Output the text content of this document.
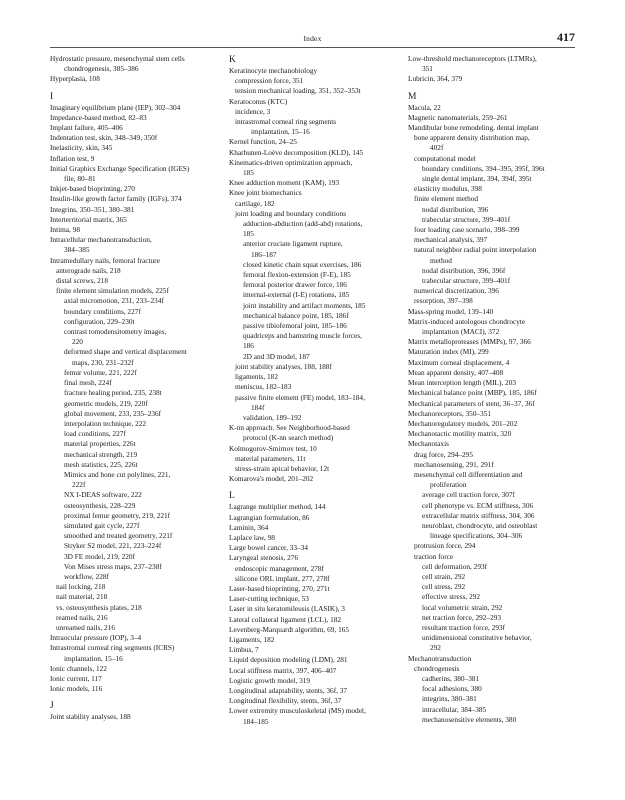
Index	417
Hydrostatic pressure, mesenchymal stem cells
chondrogenesis, 385–386
Hyperplasia, 108
I
Imaginary equilibrium plane (IEP), 302–304
Impedance-based method, 82–83
Implant failure, 405–406
Indentation test, skin, 348–349, 350f
Inelasticity, skin, 345
Inflation test, 9
Initial Graphics Exchange Specification (IGES)
file, 80–81
Inkjet-based bioprinting, 270
Insulin-like growth factor family (IGFs), 374
Integrins, 350–351, 380–381
Interterritorial matrix, 365
Intima, 98
Intracellular mechanotransduction,
384–385
Intramedullary nails, femoral fracture
anterograde nails, 218
distal screws, 218
finite element simulation models, 225f
axial micromotion, 231, 233–234f
boundary conditions, 227f
configuration, 229–230t
contrast tomodensitometry images,
220
deformed shape and vertical displacement
maps, 230, 231–232f
femur volume, 221, 222f
final mesh, 224f
fracture healing period, 235, 238t
geometric models, 219, 220f
global movement, 233, 235–236f
interpolation technique, 222
load conditions, 227f
material properties, 226t
mechanical strength, 219
mesh statistics, 225, 226t
Mimics and bone cut polylines, 221,
222f
NX I-DEAS software, 222
osteosynthesis, 228–229
proximal femur geometry, 219, 221f
simulated gait cycle, 227f
smoothed and treated geometry, 221f
Stryker S2 model, 221, 223–224f
3D FE model, 219, 220f
Von Mises stress maps, 237–238f
workflow, 228f
nail locking, 218
nail material, 218
vs. osteosynthesis plates, 218
reamed nails, 216
unreamed nails, 216
Intraocular pressure (IOP), 3–4
Intrastromal corneal ring segments (ICRS)
implantation, 15–16
Ionic channels, 122
Ionic current, 117
Ionic models, 116
J
Joint stability analyses, 188
K
Keratinocyte mechanobiology
compression force, 351
tension mechanical loading, 351, 352–353t
Keratoconus (KTC)
incidence, 3
intrastromal corneal ring segments
implantation, 15–16
Kernel function, 24–25
Kharhunen-Loève decomposition (KLD), 145
Kinematics-driven optimization approach,
185
Knee adduction moment (KAM), 193
Knee joint biomechanics
cartilage, 182
joint loading and boundary conditions
adduction-abduction (add-abd) rotations,
185
anterior cruciate ligament rupture,
186–187
closed kinetic chain squat exercises, 186
femoral flexion-extension (F-E), 185
femoral posterior drawer force, 186
internal-external (I-E) rotations, 185
joint instability and artifact moments, 185
mechanical balance point, 185, 186f
passive tibiofemoral joint, 185–186
quadriceps and hamstring muscle forces,
186
2D and 3D model, 187
joint stability analyses, 188, 188f
ligaments, 182
meniscus, 182–183
passive finite element (FE) model, 183–184,
184f
validation, 189–192
K-nn approach. See Neighborhood-based
protocol (K-nn search method)
Kolmogorov-Smirnov test, 10
material parameters, 11t
stress-strain apical behavior, 12t
Komarova's model, 201–202
L
Lagrange multiplier method, 144
Lagrangian formulation, 86
Laminin, 364
Laplace law, 98
Large bowel cancer, 33–34
Laryngeal stenosis, 276
endoscopic management, 278f
silicone ORL implant, 277, 278f
Laser-based bioprinting, 270, 271t
Laser-cutting technique, 53
Laser in situ keratomileusis (LASIK), 3
Lateral collateral ligament (LCL), 182
Levenberg-Marquardt algorithm, 69, 165
Ligaments, 182
Limbus, 7
Liquid deposition modeling (LDM), 281
Local stiffness matrix, 397, 406–407
Logistic growth model, 319
Longitudinal adaptability, stents, 36f, 37
Longitudinal flexibility, stents, 36f, 37
Lower extremity musculoskeletal (MS) model,
184–185
Low-threshold mechanoreceptors (LTMRs),
351
Lubricin, 364, 379
M
Macula, 22
Magnetic nanomaterials, 259–261
Mandibular bone remodeling, dental implant
bone apparent density distribution map,
402f
computational model
boundary conditions, 394–395, 395f, 396t
single dental implant, 394, 394f, 395t
elasticity modulus, 398
finite element method
nodal distribution, 396
trabecular structure, 399–401f
four loading case scenario, 398–399
mechanical analysis, 397
natural neighbor radial point interpolation
method
nodal distribution, 396, 396f
trabecular structure, 399–401f
numerical discretization, 396
resorption, 397–398
Mass-spring model, 139–140
Matrix-induced autologous chondrocyte
implantation (MACI), 372
Matrix metalloproteases (MMPs), 97, 366
Maturation index (MI), 299
Maximum corneal displacement, 4
Mean apparent density, 407–408
Mean interception length (MIL), 203
Mechanical balance point (MBP), 185, 186f
Mechanical parameters of stent, 36–37, 36f
Mechanoreceptors, 350–351
Mechanoregulatory models, 201–202
Mechanotactic motility matrix, 320
Mechanotaxis
drag force, 294–295
mechanosensing, 291, 291f
mesenchymal cell differentiation and
proliferation
average cell traction force, 307f
cell phenotype vs. ECM stiffness, 306
extracellular matrix stiffness, 304, 306
neuroblast, chondrocyte, and osteoblast
lineage specifications, 304–306
protrusion force, 294
traction force
cell deformation, 293f
cell strain, 292
cell stress, 292
effective stress, 292
local volumetric strain, 292
net traction force, 292–293
resultant traction force, 293f
unidimensional constitutive behavior,
292
Mechanotransduction
chondrogenesis
cadherins, 380–381
focal adhesions, 380
integrins, 380–381
intracellular, 384–385
mechanosensitive elements, 380
